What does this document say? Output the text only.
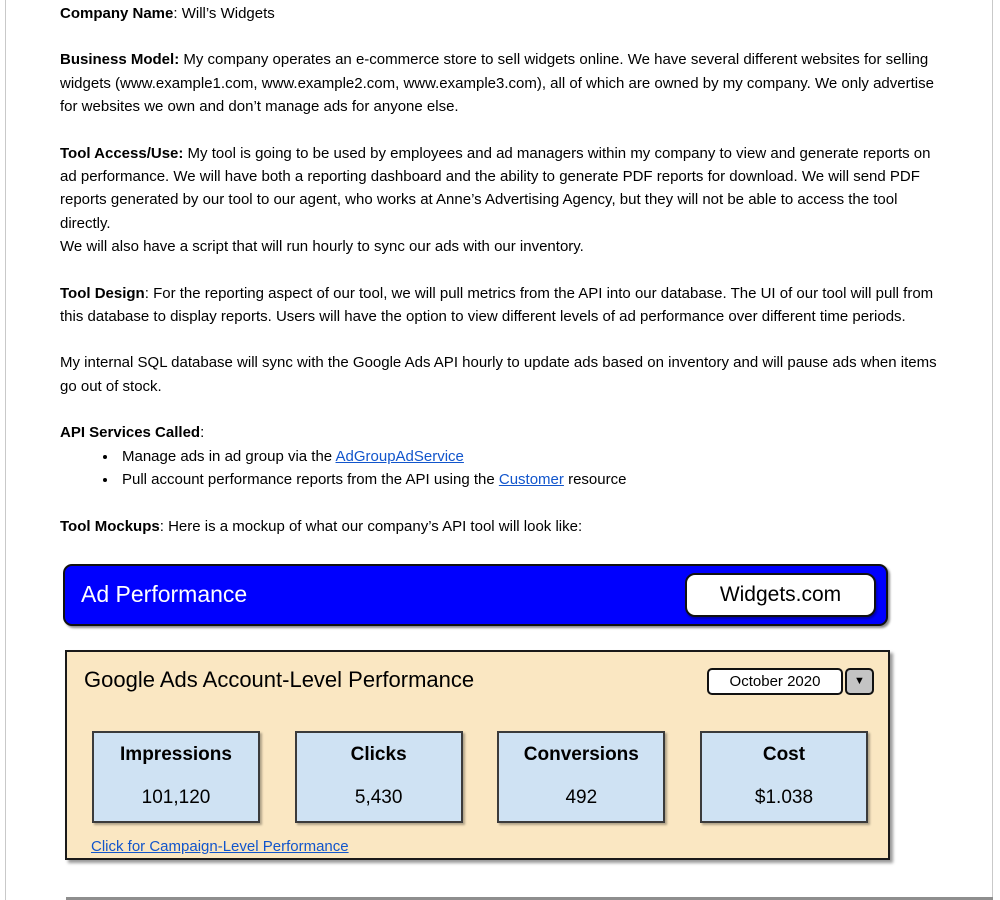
Company Name: Will’s Widgets
Business Model: My company operates an e-commerce store to sell widgets online. We have several different websites for selling widgets (www.example1.com, www.example2.com, www.example3.com), all of which are owned by my company. We only advertise for websites we own and don’t manage ads for anyone else.
Tool Access/Use: My tool is going to be used by employees and ad managers within my company to view and generate reports on ad performance. We will have both a reporting dashboard and the ability to generate PDF reports for download. We will send PDF reports generated by our tool to our agent, who works at Anne’s Advertising Agency, but they will not be able to access the tool directly.
We will also have a script that will run hourly to sync our ads with our inventory.
Tool Design: For the reporting aspect of our tool, we will pull metrics from the API into our database. The UI of our tool will pull from this database to display reports. Users will have the option to view different levels of ad performance over different time periods.
My internal SQL database will sync with the Google Ads API hourly to update ads based on inventory and will pause ads when items go out of stock.
API Services Called:
• Manage ads in ad group via the AdGroupAdService
• Pull account performance reports from the API using the Customer resource
Tool Mockups: Here is a mockup of what our company’s API tool will look like:
Ad Performance	Widgets.com
Google Ads Account-Level Performance	October 2020	▼
Impressions
101,120
Clicks
5,430
Conversions
492
Cost
$1.038
Click for Campaign-Level Performance
